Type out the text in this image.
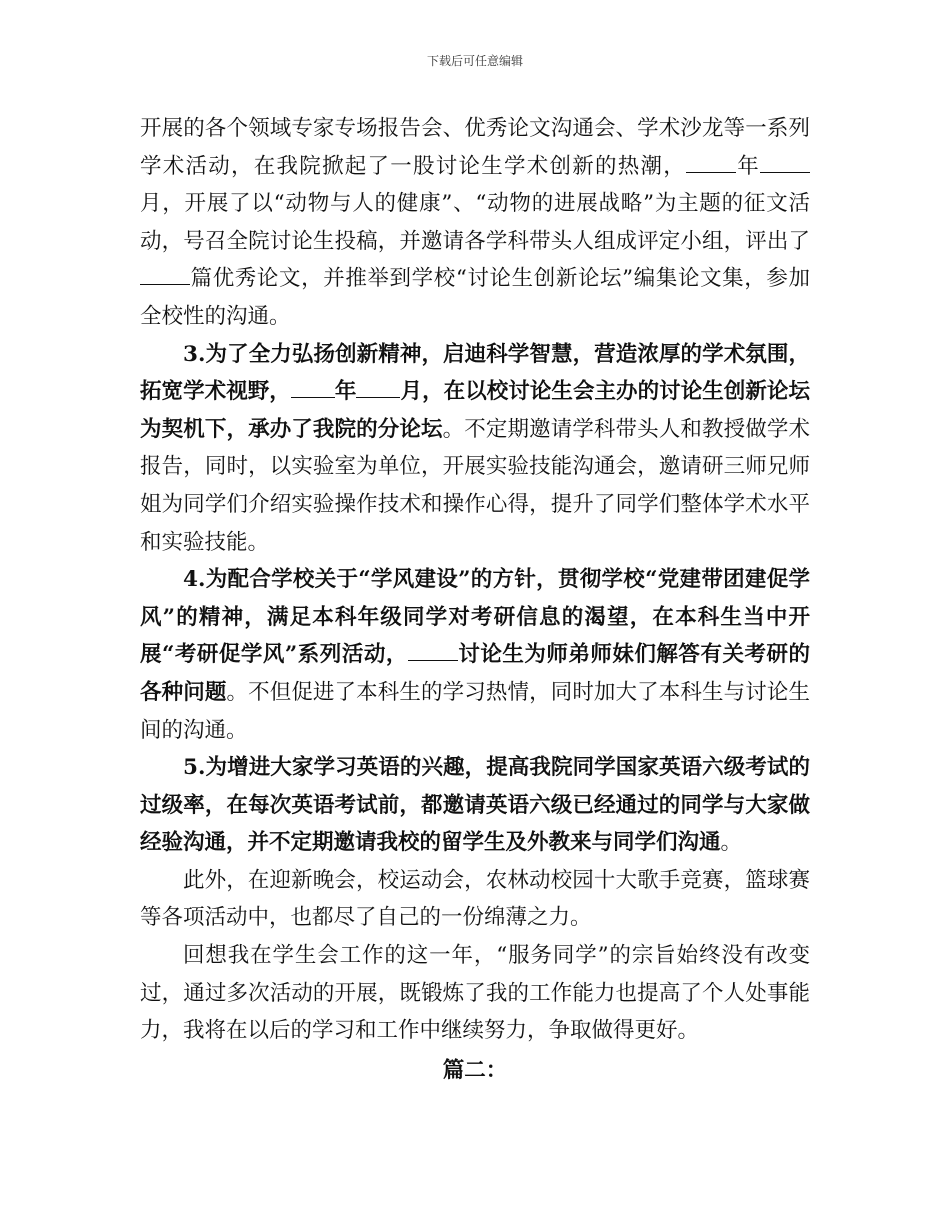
下载后可任意编辑

开展的各个领域专家专场报告会、优秀论文沟通会、学术沙龙等一系列学术活动，在我院掀起了一股讨论生学术创新的热潮， 年月，开展了以“动物与人的健康”、“动物的进展战略”为主题的征文活动，号召全院讨论生投稿，并邀请各学科带头人组成评定小组，评出了篇优秀论文，并推举到学校“讨论生创新论坛”编集论文集，参加全校性的沟通。

3.为了全力弘扬创新精神，启迪科学智慧，营造浓厚的学术氛围，拓宽学术视野， 年 月，在以校讨论生会主办的讨论生创新论坛为契机下，承办了我院的分论坛。不定期邀请学科带头人和教授做学术报告，同时，以实验室为单位，开展实验技能沟通会，邀请研三师兄师姐为同学们介绍实验操作技术和操作心得，提升了同学们整体学术水平和实验技能。

4.为配合学校关于“学风建设”的方针，贯彻学校“党建带团建促学风”的精神，满足本科年级同学对考研信息的渴望，在本科生当中开展“考研促学风”系列活动， 讨论生为师弟师妹们解答有关考研的各种问题。不但促进了本科生的学习热情，同时加大了本科生与讨论生间的沟通。

5.为增进大家学习英语的兴趣，提高我院同学国家英语六级考试的过级率，在每次英语考试前，都邀请英语六级已经通过的同学与大家做经验沟通，并不定期邀请我校的留学生及外教来与同学们沟通。

此外，在迎新晚会，校运动会，农林动校园十大歌手竞赛，篮球赛等各项活动中，也都尽了自己的一份绵薄之力。

回想我在学生会工作的这一年，“服务同学”的宗旨始终没有改变过，通过多次活动的开展，既锻炼了我的工作能力也提高了个人处事能力，我将在以后的学习和工作中继续努力，争取做得更好。

篇二：
